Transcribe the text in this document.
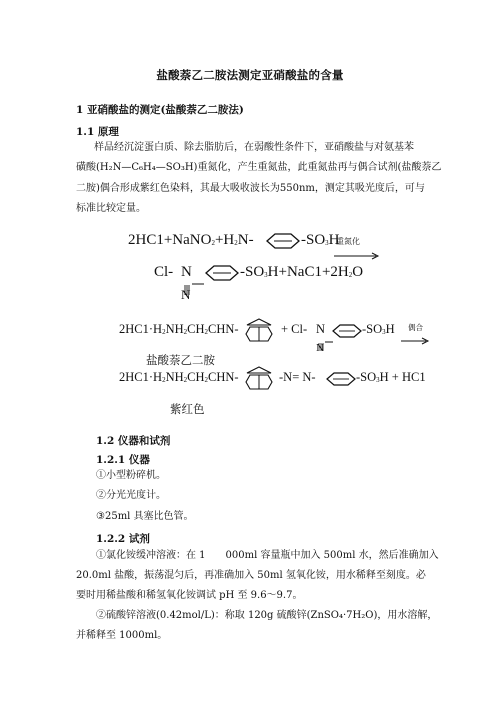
盐酸萘乙二胺法测定亚硝酸盐的含量
1 亚硝酸盐的测定(盐酸萘乙二胺法)
1.1 原理
样品经沉淀蛋白质、除去脂肪后，在弱酸性条件下，亚硝酸盐与对氨基苯
磺酸(H₂N—C₆H₄—SO₃H)重氮化，产生重氮盐，此重氮盐再与偶合试剂(盐酸萘乙
二胺)偶合形成紫红色染料，其最大吸收波长为550nm，测定其吸光度后，可与
标准比较定量。
$2HC1+NaNO_2+H_2N-$	$-SO_3H$
重氮化
Cl- N
N
$-SO_3H+NaC1+2H_2O$
$2HC1\cdot H_2NH_2CH_2CHN-$	+ Cl- N
N
$-SO_3H$ 偶合
盐酸萘乙二胺
$2HC1\cdot H_2NH_2CH_2CHN-$	-N= N-	$-SO_3H + HC1$
紫红色
1.2 仪器和试剂
1.2.1 仪器
①小型粉碎机。
②分光光度计。
③25ml 具塞比色管。
1.2.2 试剂
①氯化铵缓冲溶液：在 1　　000ml 容量瓶中加入 500ml 水，然后准确加入
20.0ml 盐酸，振荡混匀后，再准确加入 50ml 氢氧化铵，用水稀释至刻度。必
要时用稀盐酸和稀氢氧化铵调试 pH 至 9.6～9.7。
②硫酸锌溶液(0.42mol/L)：称取 120g 硫酸锌(ZnSO₄·7H₂O)，用水溶解，
并稀释至 1000ml。
